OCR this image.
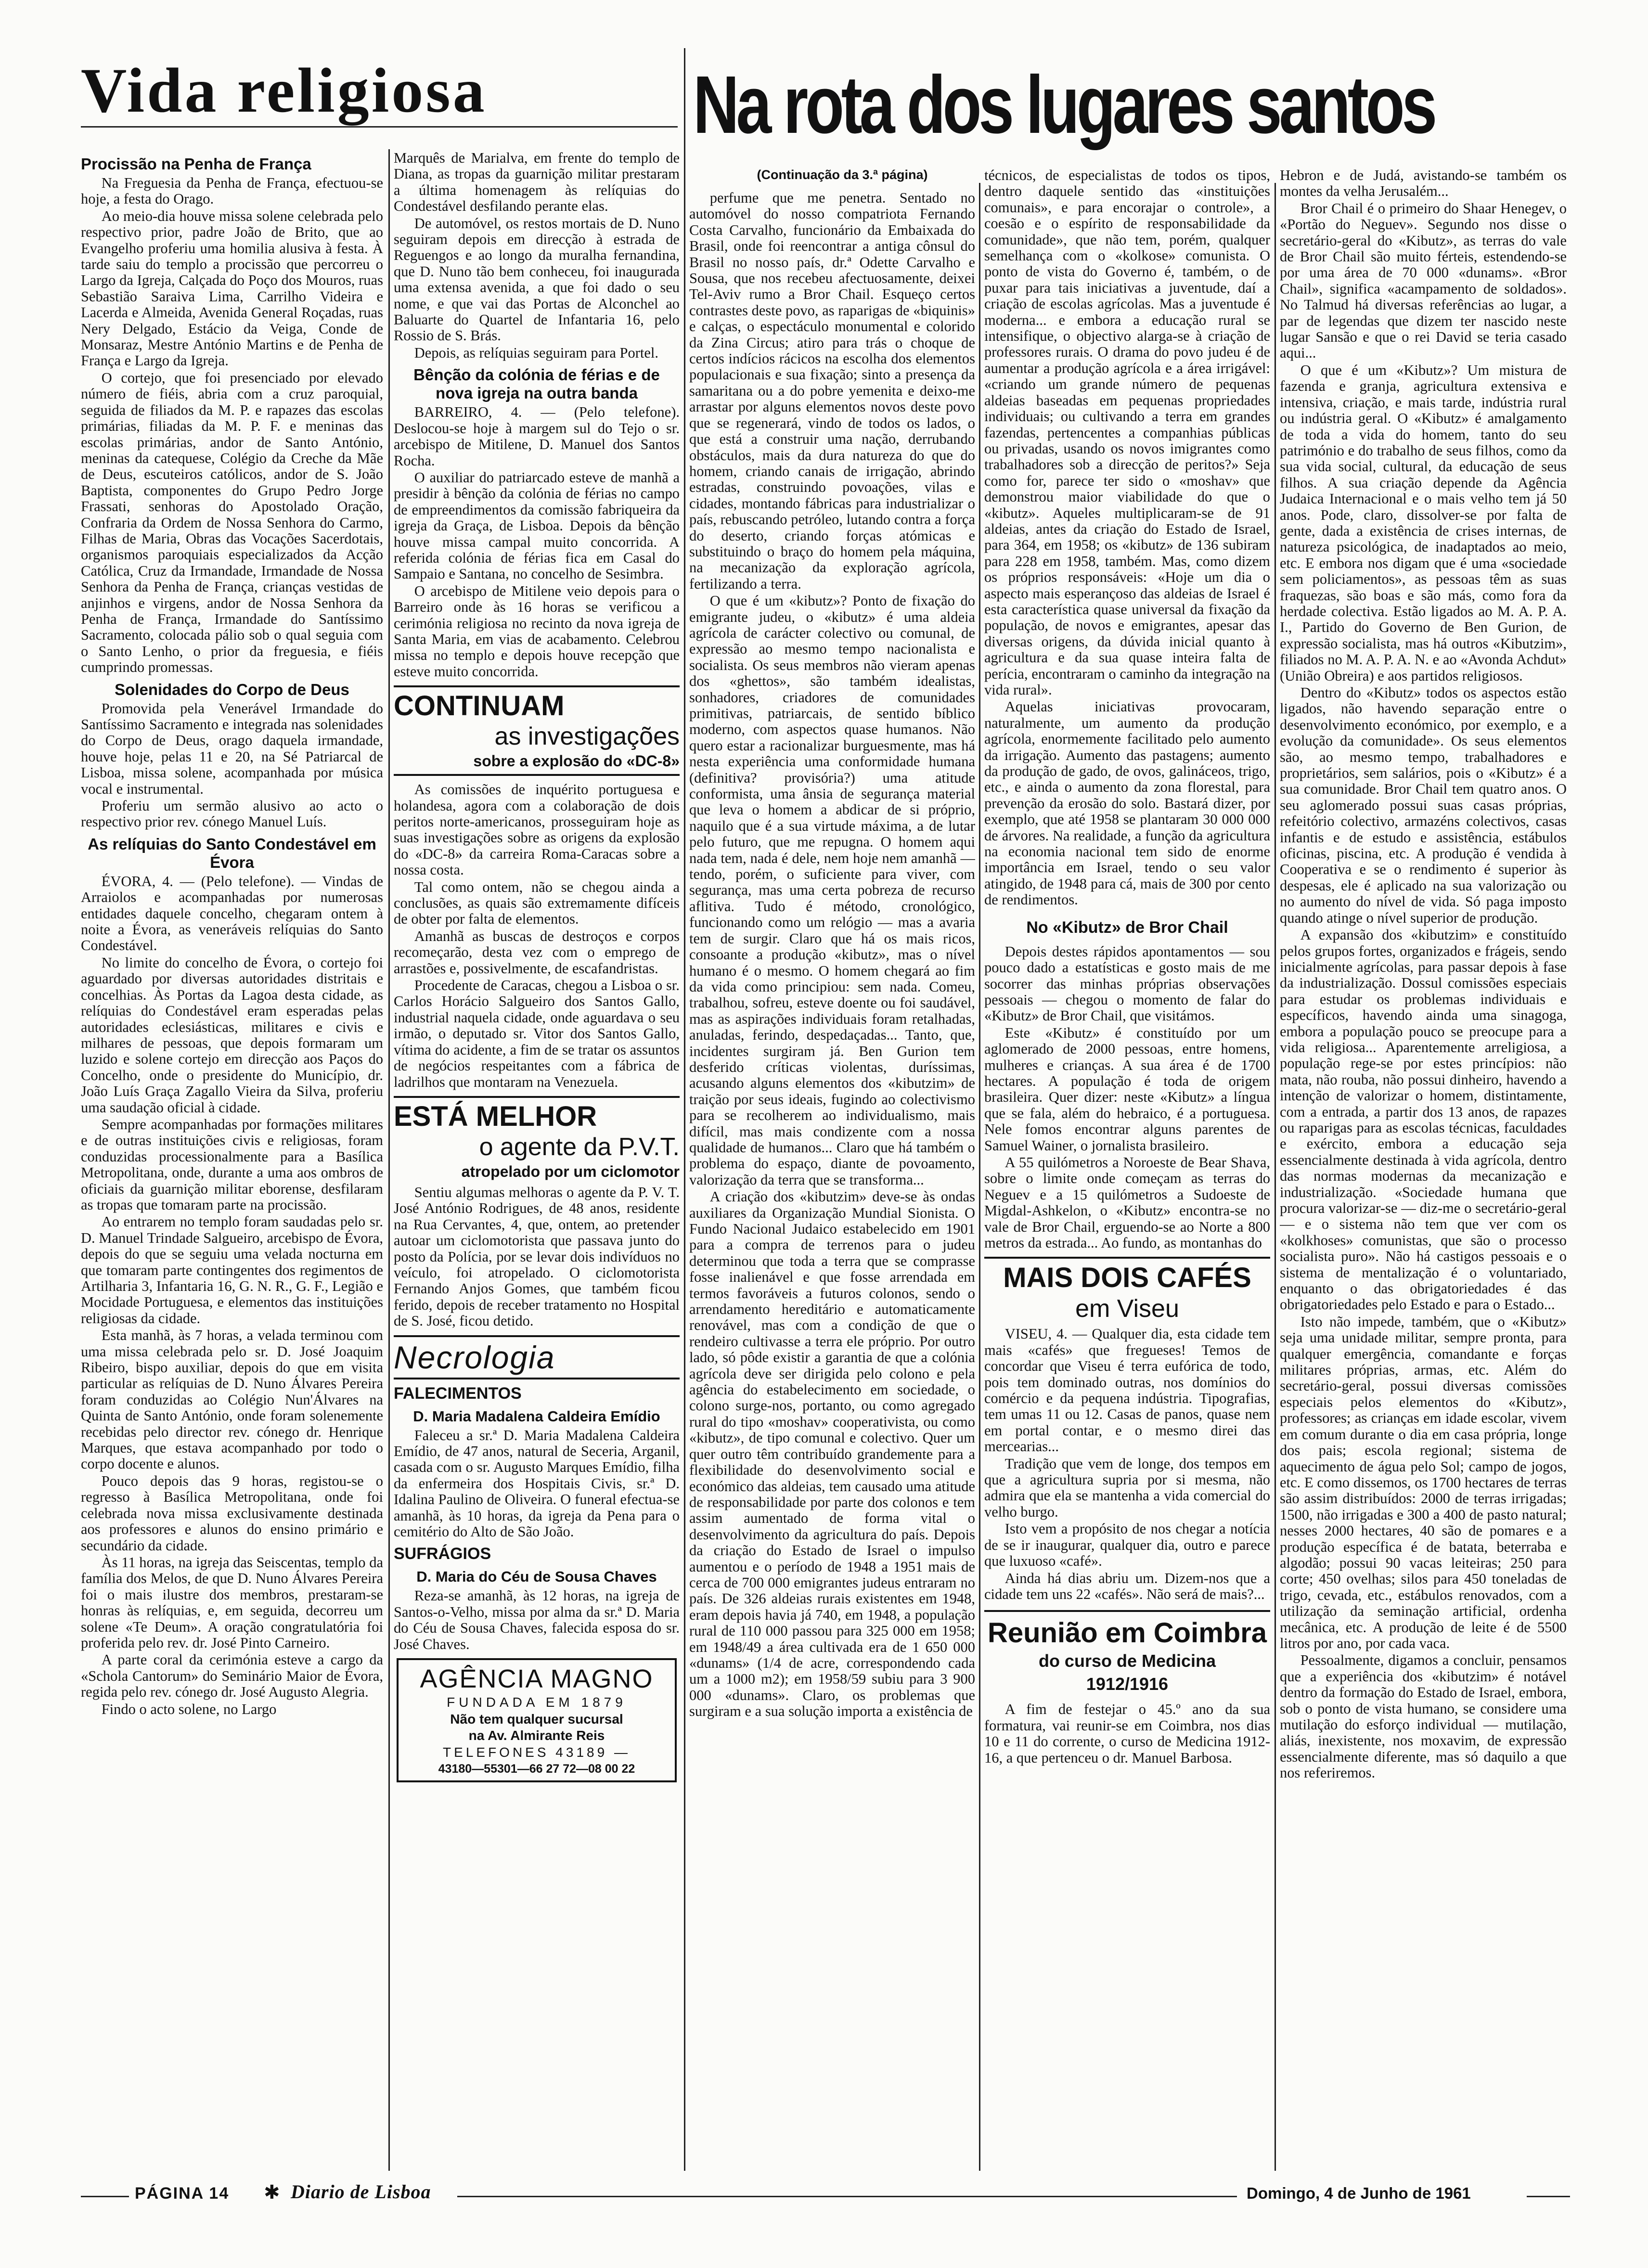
Vida religiosa	Na rota dos lugares santos
(Continuação da 3.ª página)
Procissão na Penha de França

Na Freguesia da Penha de França, efectuou-se hoje, a festa do Orago.

Ao meio-dia houve missa solene celebrada pelo respectivo prior, padre João de Brito, que ao Evangelho proferiu uma homilia alusiva à festa. À tarde saiu do templo a procissão que percorreu o Largo da Igreja, Calçada do Poço dos Mouros, ruas Sebastião Saraiva Lima, Carrilho Videira e Lacerda e Almeida, Avenida General Roçadas, ruas Nery Delgado, Estácio da Veiga, Conde de Monsaraz, Mestre António Martins e de Penha de França e Largo da Igreja.

O cortejo, que foi presenciado por elevado número de fiéis, abria com a cruz paroquial, seguida de filiados da M. P. e rapazes das escolas primárias, filiadas da M. P. F. e meninas das escolas primárias, andor de Santo António, meninas da catequese, Colégio da Creche da Mãe de Deus, escuteiros católicos, andor de S. João Baptista, componentes do Grupo Pedro Jorge Frassati, senhoras do Apostolado Oração, Confraria da Ordem de Nossa Senhora do Carmo, Filhas de Maria, Obras das Vocações Sacerdotais, organismos paroquiais especializados da Acção Católica, Cruz da Irmandade, Irmandade de Nossa Senhora da Penha de França, crianças vestidas de anjinhos e virgens, andor de Nossa Senhora da Penha de França, Irmandade do Santíssimo Sacramento, colocada pálio sob o qual seguia com o Santo Lenho, o prior da freguesia, e fiéis cumprindo promessas.

Solenidades do Corpo de Deus

Promovida pela Venerável Irmandade do Santíssimo Sacramento e integrada nas solenidades do Corpo de Deus, orago daquela irmandade, houve hoje, pelas 11 e 20, na Sé Patriarcal de Lisboa, missa solene, acompanhada por música vocal e instrumental.

Proferiu um sermão alusivo ao acto o respectivo prior rev. cónego Manuel Luís.

As relíquias do Santo Condestável em Évora

ÉVORA, 4. — (Pelo telefone). — Vindas de Arraiolos e acompanhadas por numerosas entidades daquele concelho, chegaram ontem à noite a Évora, as veneráveis relíquias do Santo Condestável.

No limite do concelho de Évora, o cortejo foi aguardado por diversas autoridades distritais e concelhias. Às Portas da Lagoa desta cidade, as relíquias do Condestável eram esperadas pelas autoridades eclesiásticas, militares e civis e milhares de pessoas, que depois formaram um luzido e solene cortejo em direcção aos Paços do Concelho, onde o presidente do Município, dr. João Luís Graça Zagallo Vieira da Silva, proferiu uma saudação oficial à cidade.

Sempre acompanhadas por formações militares e de outras instituições civis e religiosas, foram conduzidas processionalmente para a Basílica Metropolitana, onde, durante a uma aos ombros de oficiais da guarnição militar eborense, desfilaram as tropas que tomaram parte na procissão.

Ao entrarem no templo foram saudadas pelo sr. D. Manuel Trindade Salgueiro, arcebispo de Évora, depois do que se seguiu uma velada nocturna em que tomaram parte contingentes dos regimentos de Artilharia 3, Infantaria 16, G. N. R., G. F., Legião e Mocidade Portuguesa, e elementos das instituições religiosas da cidade.

Esta manhã, às 7 horas, a velada terminou com uma missa celebrada pelo sr. D. José Joaquim Ribeiro, bispo auxiliar, depois do que em visita particular as relíquias de D. Nuno Álvares Pereira foram conduzidas ao Colégio Nun'Álvares na Quinta de Santo António, onde foram solenemente recebidas pelo director rev. cónego dr. Henrique Marques, que estava acompanhado por todo o corpo docente e alunos.

Pouco depois das 9 horas, registou-se o regresso à Basílica Metropolitana, onde foi celebrada nova missa exclusivamente destinada aos professores e alunos do ensino primário e secundário da cidade.

Às 11 horas, na igreja das Seiscentas, templo da família dos Melos, de que D. Nuno Álvares Pereira foi o mais ilustre dos membros, prestaram-se honras às relíquias, e, em seguida, decorreu um solene «Te Deum». A oração congratulatória foi proferida pelo rev. dr. José Pinto Carneiro.

A parte coral da cerimónia esteve a cargo da «Schola Cantorum» do Seminário Maior de Évora, regida pelo rev. cónego dr. José Augusto Alegria.

Findo o acto solene, no Largo

Marquês de Marialva, em frente do templo de Diana, as tropas da guarnição militar prestaram a última homenagem às relíquias do Condestável desfilando perante elas.

De automóvel, os restos mortais de D. Nuno seguiram depois em direcção à estrada de Reguengos e ao longo da muralha fernandina, que D. Nuno tão bem conheceu, foi inaugurada uma extensa avenida, a que foi dado o seu nome, e que vai das Portas de Alconchel ao Baluarte do Quartel de Infantaria 16, pelo Rossio de S. Brás.

Depois, as relíquias seguiram para Portel.

Bênção da colónia de férias e de nova igreja na outra banda

BARREIRO, 4. — (Pelo telefone). Deslocou-se hoje à margem sul do Tejo o sr. arcebispo de Mitilene, D. Manuel dos Santos Rocha.

O auxiliar do patriarcado esteve de manhã a presidir à bênção da colónia de férias no campo de empreendimentos da comissão fabriqueira da igreja da Graça, de Lisboa. Depois da bênção houve missa campal muito concorrida. A referida colónia de férias fica em Casal do Sampaio e Santana, no concelho de Sesimbra.

O arcebispo de Mitilene veio depois para o Barreiro onde às 16 horas se verificou a cerimónia religiosa no recinto da nova igreja de Santa Maria, em vias de acabamento. Celebrou missa no templo e depois houve recepção que esteve muito concorrida.

CONTINUAM
as investigações
sobre a explosão do «DC-8»

As comissões de inquérito portuguesa e holandesa, agora com a colaboração de dois peritos norte-americanos, prosseguiram hoje as suas investigações sobre as origens da explosão do «DC-8» da carreira Roma-Caracas sobre a nossa costa.

Tal como ontem, não se chegou ainda a conclusões, as quais são extremamente difíceis de obter por falta de elementos.

Amanhã as buscas de destroços e corpos recomeçarão, desta vez com o emprego de arrastões e, possivelmente, de escafandristas.

Procedente de Caracas, chegou a Lisboa o sr. Carlos Horácio Salgueiro dos Santos Gallo, industrial naquela cidade, onde aguardava o seu irmão, o deputado sr. Vitor dos Santos Gallo, vítima do acidente, a fim de se tratar os assuntos de negócios respeitantes com a fábrica de ladrilhos que montaram na Venezuela.

ESTÁ MELHOR
o agente da P.V.T.
atropelado por um ciclomotor

Sentiu algumas melhoras o agente da P. V. T. José António Rodrigues, de 48 anos, residente na Rua Cervantes, 4, que, ontem, ao pretender autoar um ciclomotorista que passava junto do posto da Polícia, por se levar dois indivíduos no veículo, foi atropelado. O ciclomotorista Fernando Anjos Gomes, que também ficou ferido, depois de receber tratamento no Hospital de S. José, ficou detido.

Necrologia
FALECIMENTOS
D. Maria Madalena Caldeira Emídio

Faleceu a sr.ª D. Maria Madalena Caldeira Emídio, de 47 anos, natural de Seceria, Arganil, casada com o sr. Augusto Marques Emídio, filha da enfermeira dos Hospitais Civis, sr.ª D. Idalina Paulino de Oliveira. O funeral efectua-se amanhã, às 10 horas, da igreja da Pena para o cemitério do Alto de São João.

SUFRÁGIOS
D. Maria do Céu de Sousa Chaves

Reza-se amanhã, às 12 horas, na igreja de Santos-o-Velho, missa por alma da sr.ª D. Maria do Céu de Sousa Chaves, falecida esposa do sr. José Chaves.

AGÊNCIA MAGNO
FUNDADA EM 1879
Não tem qualquer sucursal
na Av. Almirante Reis
TELEFONES 43189 —
43180—55301—66 27 72—08 00 22

perfume que me penetra. Sentado no automóvel do nosso compatriota Fernando Costa Carvalho, funcionário da Embaixada do Brasil, onde foi reencontrar a antiga cônsul do Brasil no nosso país, dr.ª Odette Carvalho e Sousa, que nos recebeu afectuosamente, deixei Tel-Aviv rumo a Bror Chail. Esqueço certos contrastes deste povo, as raparigas de «biquinis» e calças, o espectáculo monumental e colorido da Zina Circus; atiro para trás o choque de certos indícios rácicos na escolha dos elementos populacionais e sua fixação; sinto a presença da samaritana ou a do pobre yemenita e deixo-me arrastar por alguns elementos novos deste povo que se regenerará, vindo de todos os lados, o que está a construir uma nação, derrubando obstáculos, mais da dura natureza do que do homem, criando canais de irrigação, abrindo estradas, construindo povoações, vilas e cidades, montando fábricas para industrializar o país, rebuscando petróleo, lutando contra a força do deserto, criando forças atómicas e substituindo o braço do homem pela máquina, na mecanização da exploração agrícola, fertilizando a terra.

O que é um «kibutz»? Ponto de fixação do emigrante judeu, o «kibutz» é uma aldeia agrícola de carácter colectivo ou comunal, de expressão ao mesmo tempo nacionalista e socialista. Os seus membros não vieram apenas dos «ghettos», são também idealistas, sonhadores, criadores de comunidades primitivas, patriarcais, de sentido bíblico moderno, com aspectos quase humanos. Não quero estar a racionalizar burguesmente, mas há nesta experiência uma conformidade humana (definitiva? provisória?) uma atitude conformista, uma ânsia de segurança material que leva o homem a abdicar de si próprio, naquilo que é a sua virtude máxima, a de lutar pelo futuro, que me repugna. O homem aqui nada tem, nada é dele, nem hoje nem amanhã — tendo, porém, o suficiente para viver, com segurança, mas uma certa pobreza de recurso aflitiva. Tudo é método, cronológico, funcionando como um relógio — mas a avaria tem de surgir. Claro que há os mais ricos, consoante a produção «kibutz», mas o nível humano é o mesmo. O homem chegará ao fim da vida como principiou: sem nada. Comeu, trabalhou, sofreu, esteve doente ou foi saudável, mas as aspirações individuais foram retalhadas, anuladas, ferindo, despedaçadas... Tanto, que, incidentes surgiram já. Ben Gurion tem desferido críticas violentas, duríssimas, acusando alguns elementos dos «kibutzim» de traição por seus ideais, fugindo ao colectivismo para se recolherem ao individualismo, mais difícil, mas mais condizente com a nossa qualidade de humanos... Claro que há também o problema do espaço, diante de povoamento, valorização da terra que se transforma...

A criação dos «kibutzim» deve-se às ondas auxiliares da Organização Mundial Sionista. O Fundo Nacional Judaico estabelecido em 1901 para a compra de terrenos para o judeu determinou que toda a terra que se comprasse fosse inalienável e que fosse arrendada em termos favoráveis a futuros colonos, sendo o arrendamento hereditário e automaticamente renovável, mas com a condição de que o rendeiro cultivasse a terra ele próprio. Por outro lado, só pôde existir a garantia de que a colónia agrícola deve ser dirigida pelo colono e pela agência do estabelecimento em sociedade, o colono surge-nos, portanto, ou como agregado rural do tipo «moshav» cooperativista, ou como «kibutz», de tipo comunal e colectivo. Quer um quer outro têm contribuído grandemente para a flexibilidade do desenvolvimento social e económico das aldeias, tem causado uma atitude de responsabilidade por parte dos colonos e tem assim aumentado de forma vital o desenvolvimento da agricultura do país. Depois da criação do Estado de Israel o impulso aumentou e o período de 1948 a 1951 mais de cerca de 700 000 emigrantes judeus entraram no país. De 326 aldeias rurais existentes em 1948, eram depois havia já 740, em 1948, a população rural de 110 000 passou para 325 000 em 1958; em 1948/49 a área cultivada era de 1 650 000 «dunams» (1/4 de acre, correspondendo cada um a 1000 m2); em 1958/59 subiu para 3 900 000 «dunams». Claro, os problemas que surgiram e a sua solução importa a existência de

técnicos, de especialistas de todos os tipos, dentro daquele sentido das «instituições comunais», e para encorajar o controle», a coesão e o espírito de responsabilidade da comunidade», que não tem, porém, qualquer semelhança com o «kolkose» comunista. O ponto de vista do Governo é, também, o de puxar para tais iniciativas a juventude, daí a criação de escolas agrícolas. Mas a juventude é moderna... e embora a educação rural se intensifique, o objectivo alarga-se à criação de professores rurais. O drama do povo judeu é de aumentar a produção agrícola e a área irrigável: «criando um grande número de pequenas aldeias baseadas em pequenas propriedades individuais; ou cultivando a terra em grandes fazendas, pertencentes a companhias públicas ou privadas, usando os novos imigrantes como trabalhadores sob a direcção de peritos?» Seja como for, parece ter sido o «moshav» que demonstrou maior viabilidade do que o «kibutz». Aqueles multiplicaram-se de 91 aldeias, antes da criação do Estado de Israel, para 364, em 1958; os «kibutz» de 136 subiram para 228 em 1958, também. Mas, como dizem os próprios responsáveis: «Hoje um dia o aspecto mais esperançoso das aldeias de Israel é esta característica quase universal da fixação da população, de novos e emigrantes, apesar das diversas origens, da dúvida inicial quanto à agricultura e da sua quase inteira falta de perícia, encontraram o caminho da integração na vida rural».

Aquelas iniciativas provocaram, naturalmente, um aumento da produção agrícola, enormemente facilitado pelo aumento da irrigação. Aumento das pastagens; aumento da produção de gado, de ovos, galináceos, trigo, etc., e ainda o aumento da zona florestal, para prevenção da erosão do solo. Bastará dizer, por exemplo, que até 1958 se plantaram 30 000 000 de árvores. Na realidade, a função da agricultura na economia nacional tem sido de enorme importância em Israel, tendo o seu valor atingido, de 1948 para cá, mais de 300 por cento de rendimentos.

No «Kibutz» de Bror Chail

Depois destes rápidos apontamentos — sou pouco dado a estatísticas e gosto mais de me socorrer das minhas próprias observações pessoais — chegou o momento de falar do «Kibutz» de Bror Chail, que visitámos.

Este «Kibutz» é constituído por um aglomerado de 2000 pessoas, entre homens, mulheres e crianças. A sua área é de 1700 hectares. A população é toda de origem brasileira. Quer dizer: neste «Kibutz» a língua que se fala, além do hebraico, é a portuguesa. Nele fomos encontrar alguns parentes de Samuel Wainer, o jornalista brasileiro.

A 55 quilómetros a Noroeste de Bear Shava, sobre o limite onde começam as terras do Neguev e a 15 quilómetros a Sudoeste de Migdal-Ashkelon, o «Kibutz» encontra-se no vale de Bror Chail, erguendo-se ao Norte a 800 metros da estrada... Ao fundo, as montanhas do

MAIS DOIS CAFÉS
em Viseu

VISEU, 4. — Qualquer dia, esta cidade tem mais «cafés» que fregueses! Temos de concordar que Viseu é terra eufórica de todo, pois tem dominado outras, nos domínios do comércio e da pequena indústria. Tipografias, tem umas 11 ou 12. Casas de panos, quase nem em portal contar, e o mesmo direi das mercearias...

Tradição que vem de longe, dos tempos em que a agricultura supria por si mesma, não admira que ela se mantenha a vida comercial do velho burgo.

Isto vem a propósito de nos chegar a notícia de se ir inaugurar, qualquer dia, outro e parece que luxuoso «café».

Ainda há dias abriu um. Dizem-nos que a cidade tem uns 22 «cafés». Não será de mais?...

Reunião em Coimbra
do curso de Medicina
1912/1916

A fim de festejar o 45.º ano da sua formatura, vai reunir-se em Coimbra, nos dias 10 e 11 do corrente, o curso de Medicina 1912-16, a que pertenceu o dr. Manuel Barbosa.

Hebron e de Judá, avistando-se também os montes da velha Jerusalém...

Bror Chail é o primeiro do Shaar Henegev, o «Portão do Neguev». Segundo nos disse o secretário-geral do «Kibutz», as terras do vale de Bror Chail são muito férteis, estendendo-se por uma área de 70 000 «dunams». «Bror Chail», significa «acampamento de soldados». No Talmud há diversas referências ao lugar, a par de legendas que dizem ter nascido neste lugar Sansão e que o rei David se teria casado aqui...

O que é um «Kibutz»? Um mistura de fazenda e granja, agricultura extensiva e intensiva, criação, e mais tarde, indústria rural ou indústria geral. O «Kibutz» é amalgamento de toda a vida do homem, tanto do seu património e do trabalho de seus filhos, como da sua vida social, cultural, da educação de seus filhos. A sua criação depende da Agência Judaica Internacional e o mais velho tem já 50 anos. Pode, claro, dissolver-se por falta de gente, dada a existência de crises internas, de natureza psicológica, de inadaptados ao meio, etc. E embora nos digam que é uma «sociedade sem policiamentos», as pessoas têm as suas fraquezas, são boas e são más, como fora da herdade colectiva. Estão ligados ao M. A. P. A. I., Partido do Governo de Ben Gurion, de expressão socialista, mas há outros «Kibutzim», filiados no M. A. P. A. N. e ao «Avonda Achdut» (União Obreira) e aos partidos religiosos.

Dentro do «Kibutz» todos os aspectos estão ligados, não havendo separação entre o desenvolvimento económico, por exemplo, e a evolução da comunidade». Os seus elementos são, ao mesmo tempo, trabalhadores e proprietários, sem salários, pois o «Kibutz» é a sua comunidade. Bror Chail tem quatro anos. O seu aglomerado possui suas casas próprias, refeitório colectivo, armazéns colectivos, casas infantis e de estudo e assistência, estábulos oficinas, piscina, etc. A produção é vendida à Cooperativa e se o rendimento é superior às despesas, ele é aplicado na sua valorização ou no aumento do nível de vida. Só paga imposto quando atinge o nível superior de produção.

A expansão dos «kibutzim» e constituído pelos grupos fortes, organizados e frágeis, sendo inicialmente agrícolas, para passar depois à fase da industrialização. Dossul comissões especiais para estudar os problemas individuais e específicos, havendo ainda uma sinagoga, embora a população pouco se preocupe para a vida religiosa... Aparentemente arreligiosa, a população rege-se por estes princípios: não mata, não rouba, não possui dinheiro, havendo a intenção de valorizar o homem, distintamente, com a entrada, a partir dos 13 anos, de rapazes ou raparigas para as escolas técnicas, faculdades e exército, embora a educação seja essencialmente destinada à vida agrícola, dentro das normas modernas da mecanização e industrialização. «Sociedade humana que procura valorizar-se — diz-me o secretário-geral — e o sistema não tem que ver com os «kolkhoses» comunistas, que são o processo socialista puro». Não há castigos pessoais e o sistema de mentalização é o voluntariado, enquanto o das obrigatoriedades é das obrigatoriedades pelo Estado e para o Estado...

Isto não impede, também, que o «Kibutz» seja uma unidade militar, sempre pronta, para qualquer emergência, comandante e forças militares próprias, armas, etc. Além do secretário-geral, possui diversas comissões especiais pelos elementos do «Kibutz», professores; as crianças em idade escolar, vivem em comum durante o dia em casa própria, longe dos pais; escola regional; sistema de aquecimento de água pelo Sol; campo de jogos, etc. E como dissemos, os 1700 hectares de terras são assim distribuídos: 2000 de terras irrigadas; 1500, não irrigadas e 300 a 400 de pasto natural; nesses 2000 hectares, 40 são de pomares e a produção específica é de batata, beterraba e algodão; possui 90 vacas leiteiras; 250 para corte; 450 ovelhas; silos para 450 toneladas de trigo, cevada, etc., estábulos renovados, com a utilização da seminação artificial, ordenha mecânica, etc. A produção de leite é de 5500 litros por ano, por cada vaca.

Pessoalmente, digamos a concluir, pensamos que a experiência dos «kibutzim» é notável dentro da formação do Estado de Israel, embora, sob o ponto de vista humano, se considere uma mutilação do esforço individual — mutilação, aliás, inexistente, nos moxavim, de expressão essencialmente diferente, mas só daquilo a que nos referiremos.

PÁGINA 14 ✱ Diario de Lisboa	Domingo, 4 de Junho de 1961
